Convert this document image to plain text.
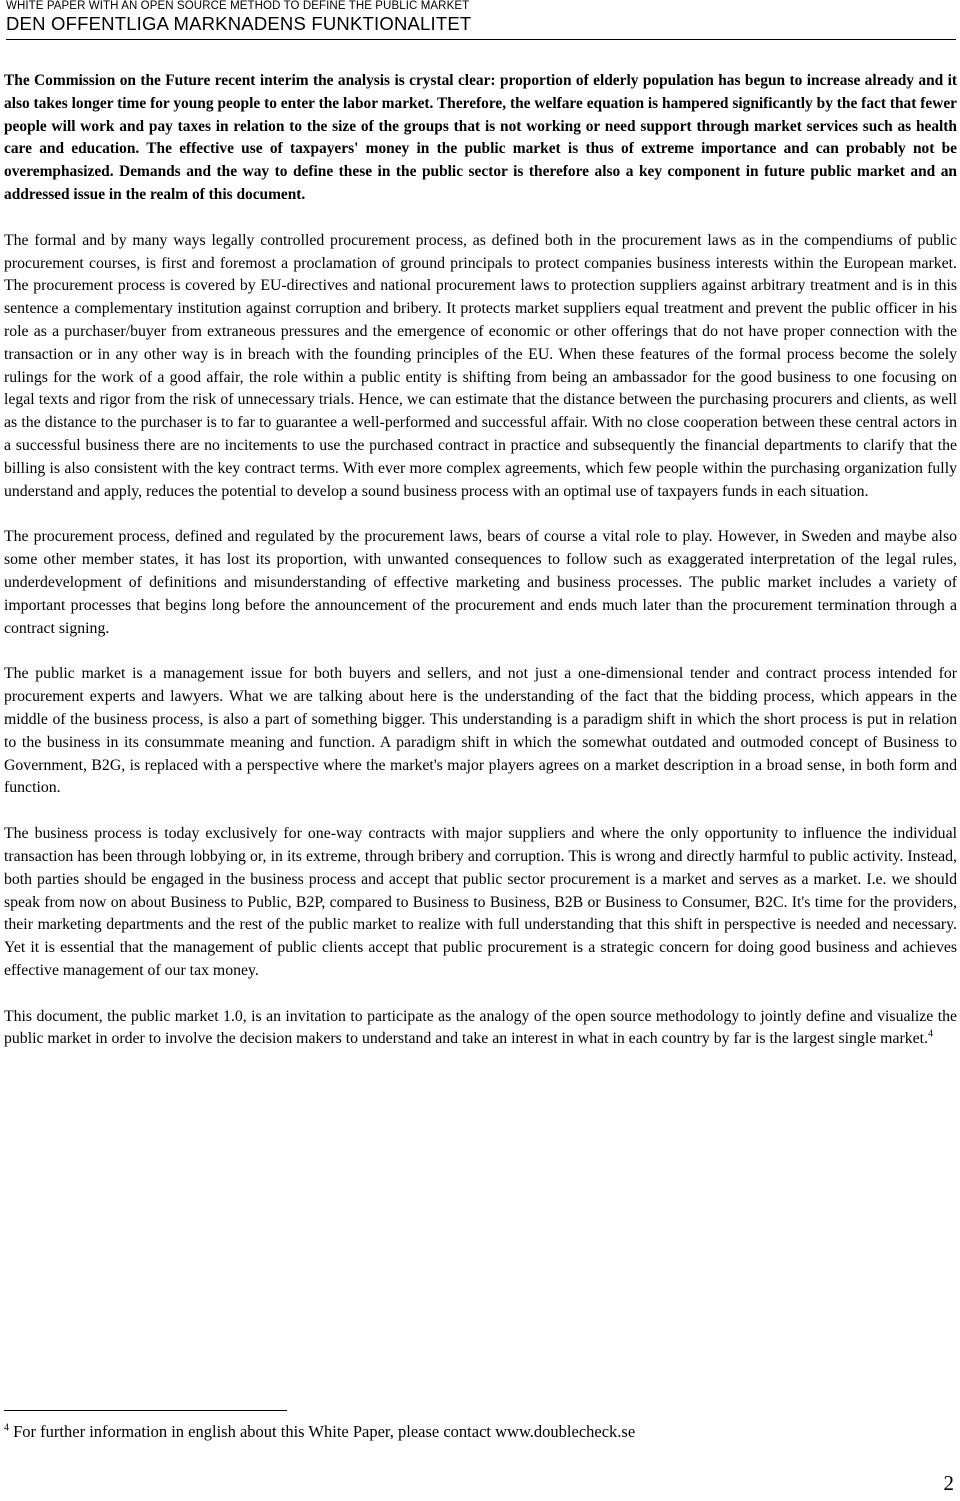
WHITE PAPER WITH AN OPEN SOURCE METHOD TO DEFINE THE PUBLIC MARKET
DEN OFFENTLIGA MARKNADENS FUNKTIONALITET

The Commission on the Future recent interim the analysis is crystal clear: proportion of elderly population has begun to increase already and it also takes longer time for young people to enter the labor market. Therefore, the welfare equation is hampered significantly by the fact that fewer people will work and pay taxes in relation to the size of the groups that is not working or need support through market services such as health care and education. The effective use of taxpayers' money in the public market is thus of extreme importance and can probably not be overemphasized. Demands and the way to define these in the public sector is therefore also a key component in future public market and an addressed issue in the realm of this document.

The formal and by many ways legally controlled procurement process, as defined both in the procurement laws as in the compendiums of public procurement courses, is first and foremost a proclamation of ground principals to protect companies business interests within the European market. The procurement process is covered by EU-directives and national procurement laws to protection suppliers against arbitrary treatment and is in this sentence a complementary institution against corruption and bribery. It protects market suppliers equal treatment and prevent the public officer in his role as a purchaser/buyer from extraneous pressures and the emergence of economic or other offerings that do not have proper connection with the transaction or in any other way is in breach with the founding principles of the EU. When these features of the formal process become the solely rulings for the work of a good affair, the role within a public entity is shifting from being an ambassador for the good business to one focusing on legal texts and rigor from the risk of unnecessary trials. Hence, we can estimate that the distance between the purchasing procurers and clients, as well as the distance to the purchaser is to far to guarantee a well-performed and successful affair. With no close cooperation between these central actors in a successful business there are no incitements to use the purchased contract in practice and subsequently the financial departments to clarify that the billing is also consistent with the key contract terms. With ever more complex agreements, which few people within the purchasing organization fully understand and apply, reduces the potential to develop a sound business process with an optimal use of taxpayers funds in each situation.

The procurement process, defined and regulated by the procurement laws, bears of course a vital role to play. However, in Sweden and maybe also some other member states, it has lost its proportion, with unwanted consequences to follow such as exaggerated interpretation of the legal rules, underdevelopment of definitions and misunderstanding of effective marketing and business processes. The public market includes a variety of important processes that begins long before the announcement of the procurement and ends much later than the procurement termination through a contract signing.

The public market is a management issue for both buyers and sellers, and not just a one-dimensional tender and contract process intended for procurement experts and lawyers. What we are talking about here is the understanding of the fact that the bidding process, which appears in the middle of the business process, is also a part of something bigger. This understanding is a paradigm shift in which the short process is put in relation to the business in its consummate meaning and function. A paradigm shift in which the somewhat outdated and outmoded concept of Business to Government, B2G, is replaced with a perspective where the market's major players agrees on a market description in a broad sense, in both form and function.

The business process is today exclusively for one-way contracts with major suppliers and where the only opportunity to influence the individual transaction has been through lobbying or, in its extreme, through bribery and corruption. This is wrong and directly harmful to public activity. Instead, both parties should be engaged in the business process and accept that public sector procurement is a market and serves as a market. I.e. we should speak from now on about Business to Public, B2P, compared to Business to Business, B2B or Business to Consumer, B2C. It's time for the providers, their marketing departments and the rest of the public market to realize with full understanding that this shift in perspective is needed and necessary. Yet it is essential that the management of public clients accept that public procurement is a strategic concern for doing good business and achieves effective management of our tax money.

This document, the public market 1.0, is an invitation to participate as the analogy of the open source methodology to jointly define and visualize the public market in order to involve the decision makers to understand and take an interest in what in each country by far is the largest single market.$^4$

$^4$ For further information in english about this White Paper, please contact www.doublecheck.se
2
